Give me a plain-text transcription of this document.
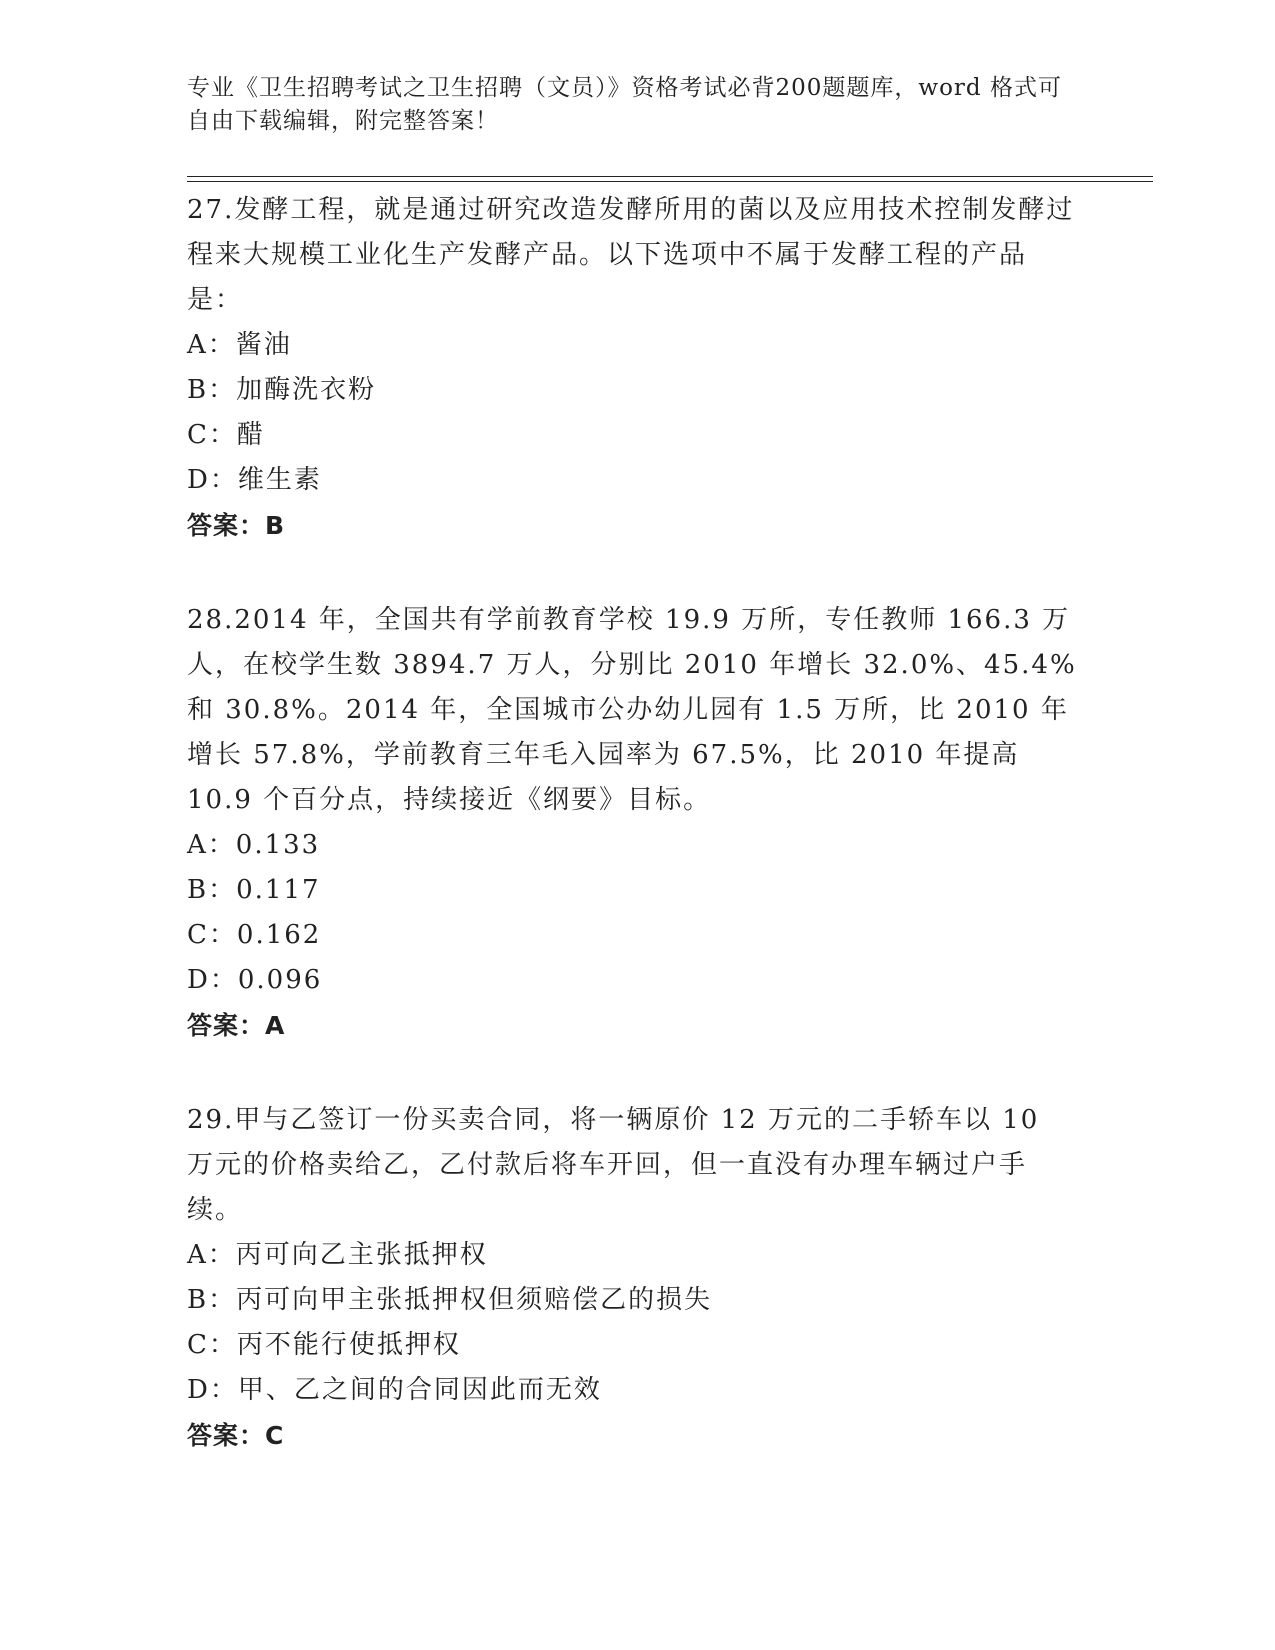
专业《卫生招聘考试之卫生招聘（文员）》资格考试必背200题题库，word 格式可自由下载编辑，附完整答案！

27.发酵工程，就是通过研究改造发酵所用的菌以及应用技术控制发酵过程来大规模工业化生产发酵产品。以下选项中不属于发酵工程的产品是：

A：酱油

B：加酶洗衣粉

C：醋

D：维生素

答案：B

28.2014 年，全国共有学前教育学校 19.9 万所，专任教师 166.3 万人，在校学生数 3894.7 万人，分别比 2010 年增长 32.0%、45.4%和 30.8%。2014 年，全国城市公办幼儿园有 1.5 万所，比 2010 年增长 57.8%，学前教育三年毛入园率为 67.5%，比 2010 年提高 10.9 个百分点，持续接近《纲要》目标。

A：0.133

B：0.117

C：0.162

D：0.096

答案：A

29.甲与乙签订一份买卖合同，将一辆原价 12 万元的二手轿车以 10 万元的价格卖给乙，乙付款后将车开回，但一直没有办理车辆过户手续。

A：丙可向乙主张抵押权

B：丙可向甲主张抵押权但须赔偿乙的损失

C：丙不能行使抵押权

D：甲、乙之间的合同因此而无效

答案：C
